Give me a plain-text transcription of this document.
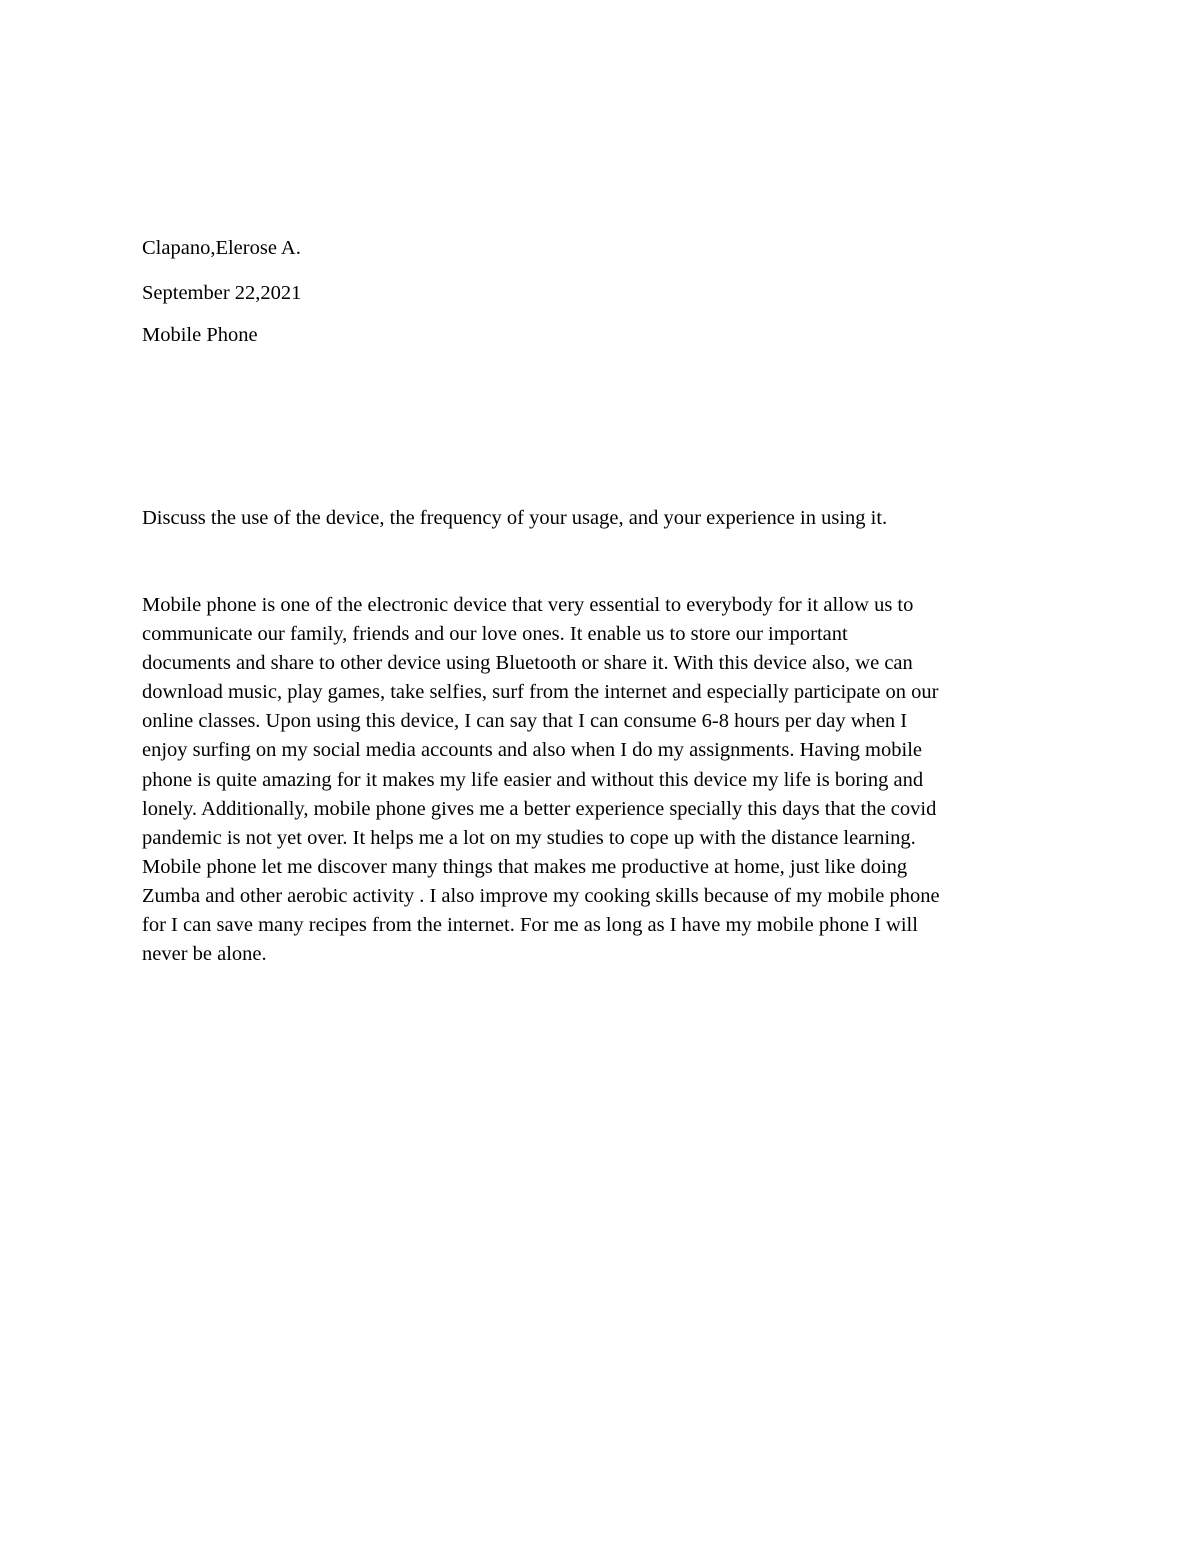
Clapano,Elerose A.

September 22,2021

Mobile Phone

Discuss the use of the device, the frequency of your usage, and your experience in using it.

Mobile phone is one of the electronic device that very essential to everybody for it allow us to
communicate our family, friends and our love ones. It enable us to store our important
documents and share to other device using Bluetooth or share it. With this device also, we can
download music, play games, take selfies, surf from the internet and especially participate on our
online classes. Upon using this device, I can say that I can consume 6-8 hours per day when I
enjoy surfing on my social media accounts and also when I do my assignments. Having mobile
phone is quite amazing for it makes my life easier and without this device my life is boring and
lonely. Additionally, mobile phone gives me a better experience specially this days that the covid
pandemic is not yet over. It helps me a lot on my studies to cope up with the distance learning.
Mobile phone let me discover many things that makes me productive at home, just like doing
Zumba and other aerobic activity . I also improve my cooking skills because of my mobile phone
for I can save many recipes from the internet. For me as long as I have my mobile phone I will
never be alone.
